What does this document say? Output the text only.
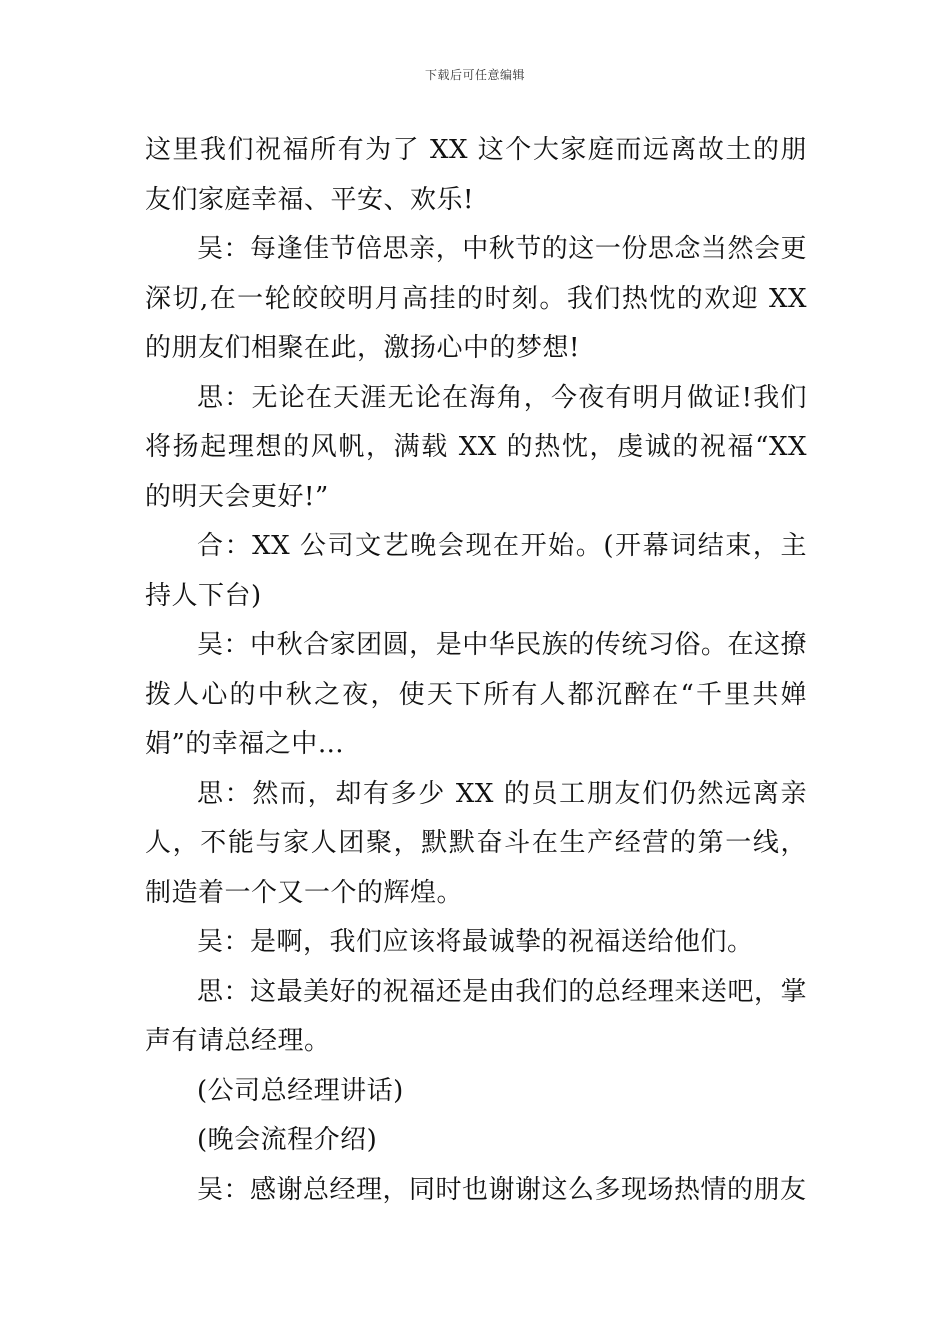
下载后可任意编辑

这里我们祝福所有为了 XX 这个大家庭而远离故土的朋友们家庭幸福、平安、欢乐!

吴：每逢佳节倍思亲，中秋节的这一份思念当然会更深切,在一轮皎皎明月高挂的时刻。我们热忱的欢迎 XX 的朋友们相聚在此，激扬心中的梦想!

思：无论在天涯无论在海角，今夜有明月做证!我们将扬起理想的风帆，满载 XX 的热忱，虔诚的祝福“XX 的明天会更好!”

合：XX 公司文艺晚会现在开始。(开幕词结束，主持人下台)

吴：中秋合家团圆，是中华民族的传统习俗。在这撩拨人心的中秋之夜，使天下所有人都沉醉在“千里共婵娟”的幸福之中…

思：然而，却有多少 XX 的员工朋友们仍然远离亲人，不能与家人团聚，默默奋斗在生产经营的第一线，制造着一个又一个的辉煌。

吴：是啊，我们应该将最诚挚的祝福送给他们。

思：这最美好的祝福还是由我们的总经理来送吧，掌声有请总经理。

(公司总经理讲话)

(晚会流程介绍)

吴：感谢总经理，同时也谢谢这么多现场热情的朋友
